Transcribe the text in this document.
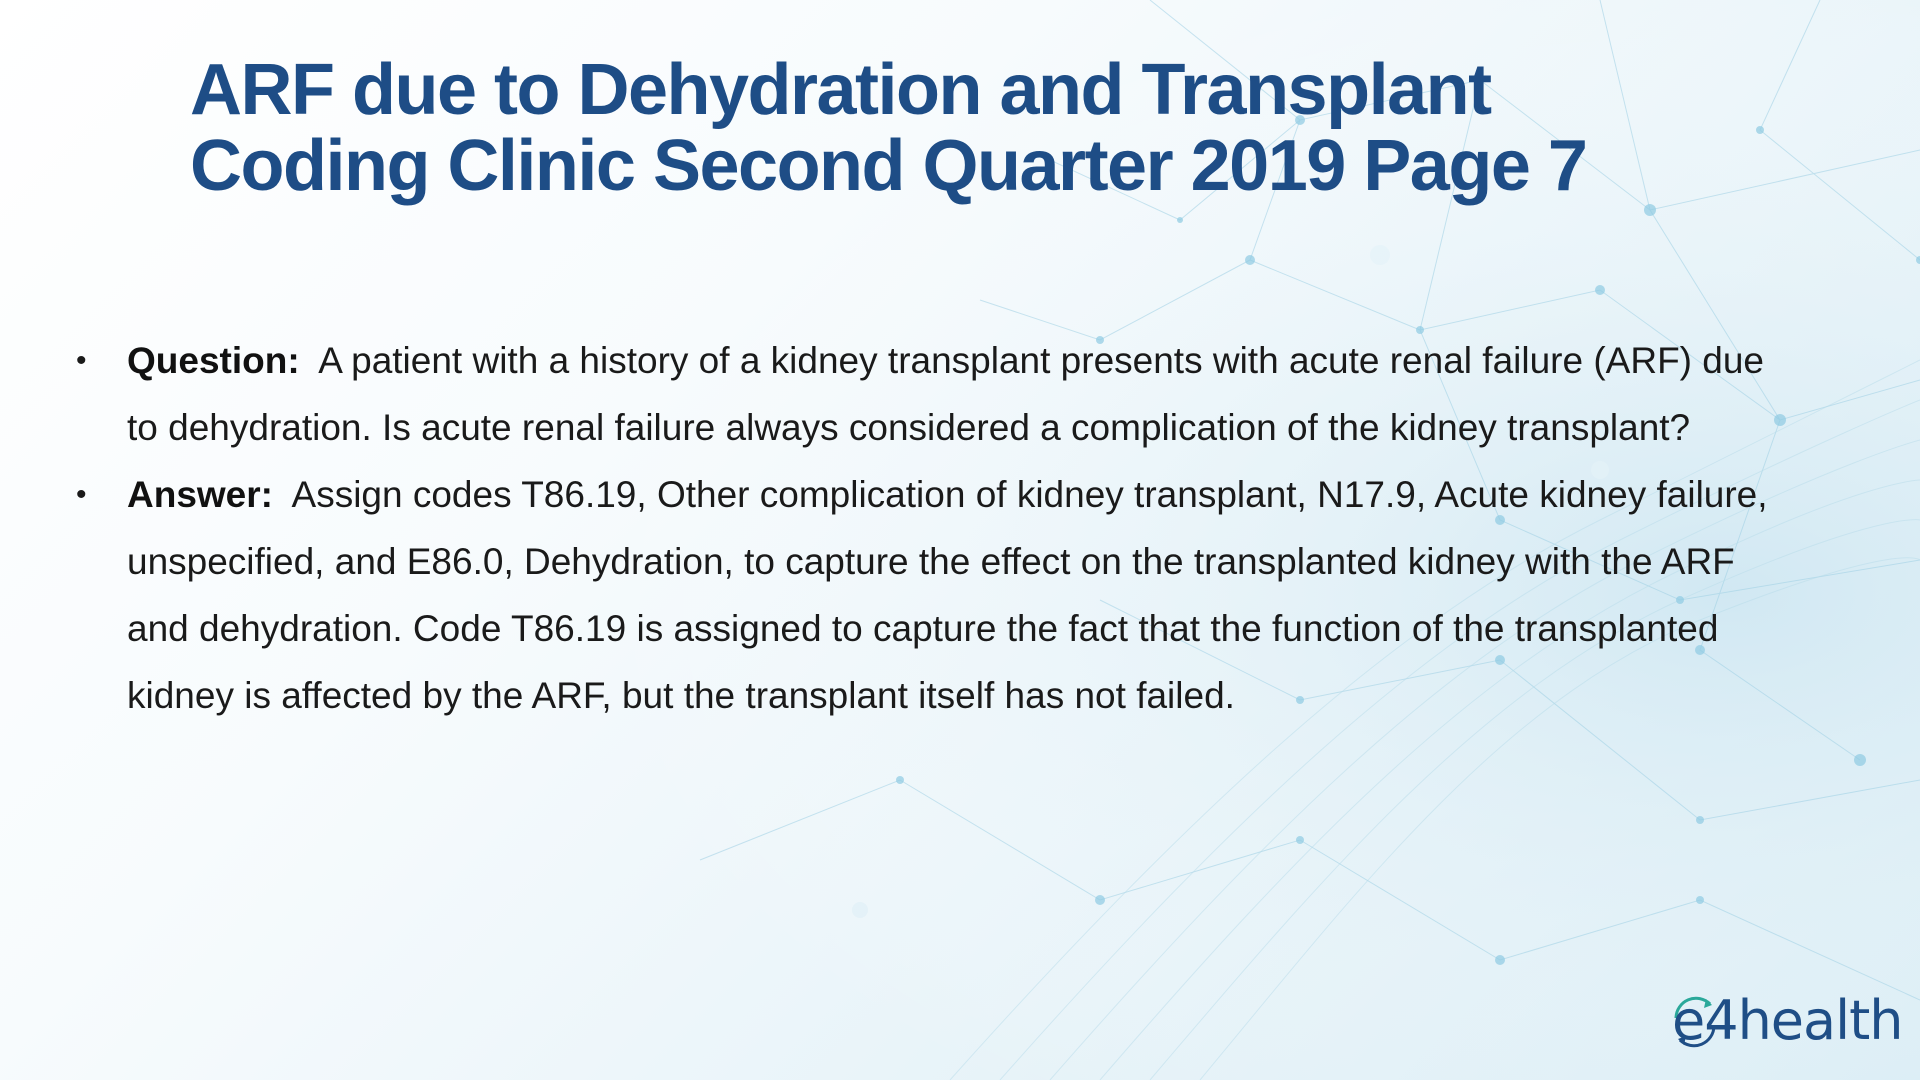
ARF due to Dehydration and Transplant
Coding Clinic Second Quarter 2019 Page 7
• Question: A patient with a history of a kidney transplant presents with acute renal failure (ARF) due to dehydration. Is acute renal failure always considered a complication of the kidney transplant?
• Answer: Assign codes T86.19, Other complication of kidney transplant, N17.9, Acute kidney failure, unspecified, and E86.0, Dehydration, to capture the effect on the transplanted kidney with the ARF and dehydration. Code T86.19 is assigned to capture the fact that the function of the transplanted kidney is affected by the ARF, but the transplant itself has not failed.
e4health
